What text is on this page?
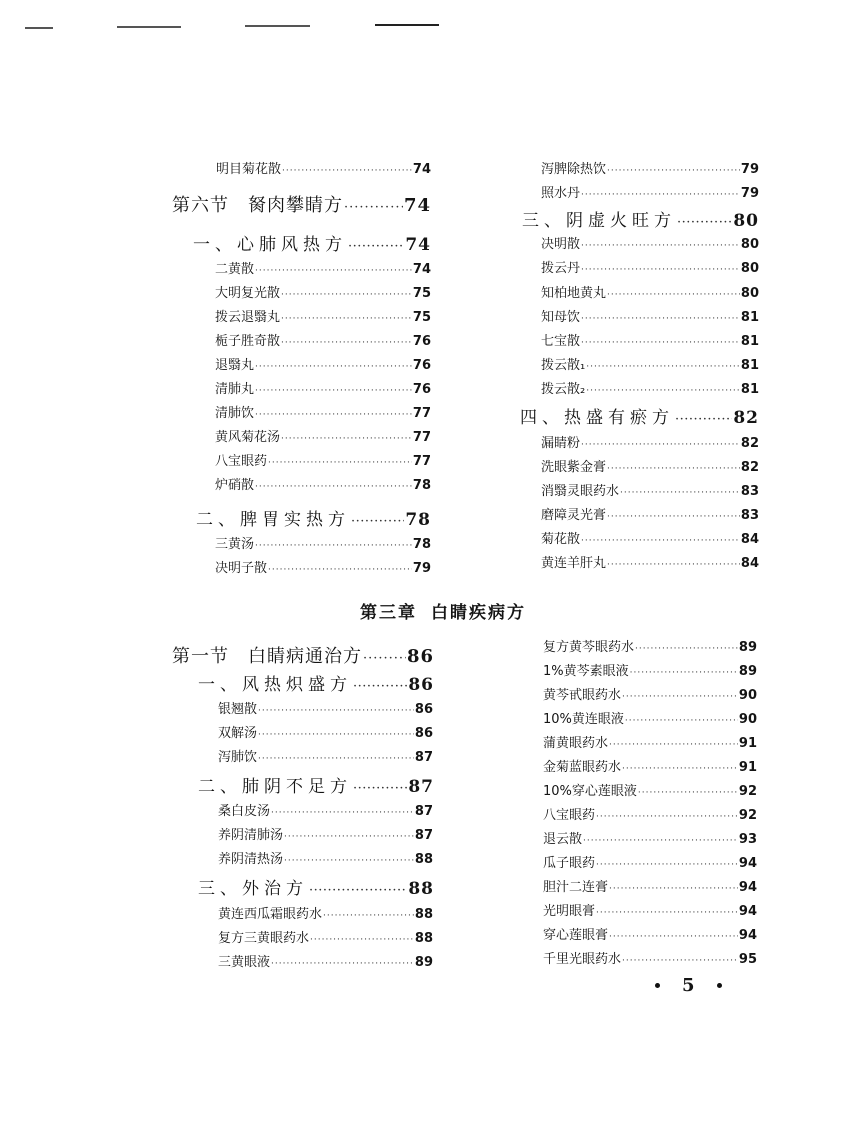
明目菊花散 ·····	74
第六节　胬肉攀睛方 ·····	74
一、心肺风热方 ·····	74
二黄散 ·····	74
大明复光散 ·····	75
拨云退翳丸 ·····	75
栀子胜奇散 ·····	76
退翳丸 ·····	76
清肺丸 ·····	76
清肺饮 ·····	77
黄风菊花汤 ·····	77
八宝眼药 ·····	77
炉硝散 ·····	78
二、脾胃实热方 ·····	78
三黄汤 ·····	78
决明子散 ·····	79
泻脾除热饮 ·····	79
照水丹 ·····	79
三、阴虚火旺方 ·····	80
决明散 ·····	80
拨云丹 ·····	80
知柏地黄丸 ·····	80
知母饮 ·····	81
七宝散 ·····	81
拨云散₁ ·····	81
拨云散₂ ·····	81
四、热盛有瘀方 ·····	82
漏睛粉 ·····	82
洗眼紫金膏 ·····	82
消翳灵眼药水 ·····	83
磨障灵光膏 ·····	83
菊花散 ·····	84
黄连羊肝丸 ·····	84
第三章 白睛疾病方
第一节　白睛病通治方 ····· 86
一、风热炽盛方 ·····	86
银翘散 ·····	86
双解汤 ·····	86
泻肺饮 ·····	87
二、肺阴不足方 ·····	87
桑白皮汤 ·····	87
养阴清肺汤 ·····	87
养阴清热汤 ·····	88
三、外治方 ·····	88
黄连西瓜霜眼药水 ·····	88
复方三黄眼药水 ·····	88
三黄眼液 ·····	89
复方黄芩眼药水 ·····	89
1%黄芩素眼液 ·····	89
黄芩甙眼药水 ·····	90
10%黄连眼液 ·····	90
蒲黄眼药水 ·····	91
金菊蓝眼药水 ·····	91
10%穿心莲眼液 ·····	92
八宝眼药 ·····	92
退云散 ·····	93
瓜子眼药 ·····	94
胆汁二连膏 ·····	94
光明眼膏 ·····	94
穿心莲眼膏 ·····	94
千里光眼药水 ·····	95
5
